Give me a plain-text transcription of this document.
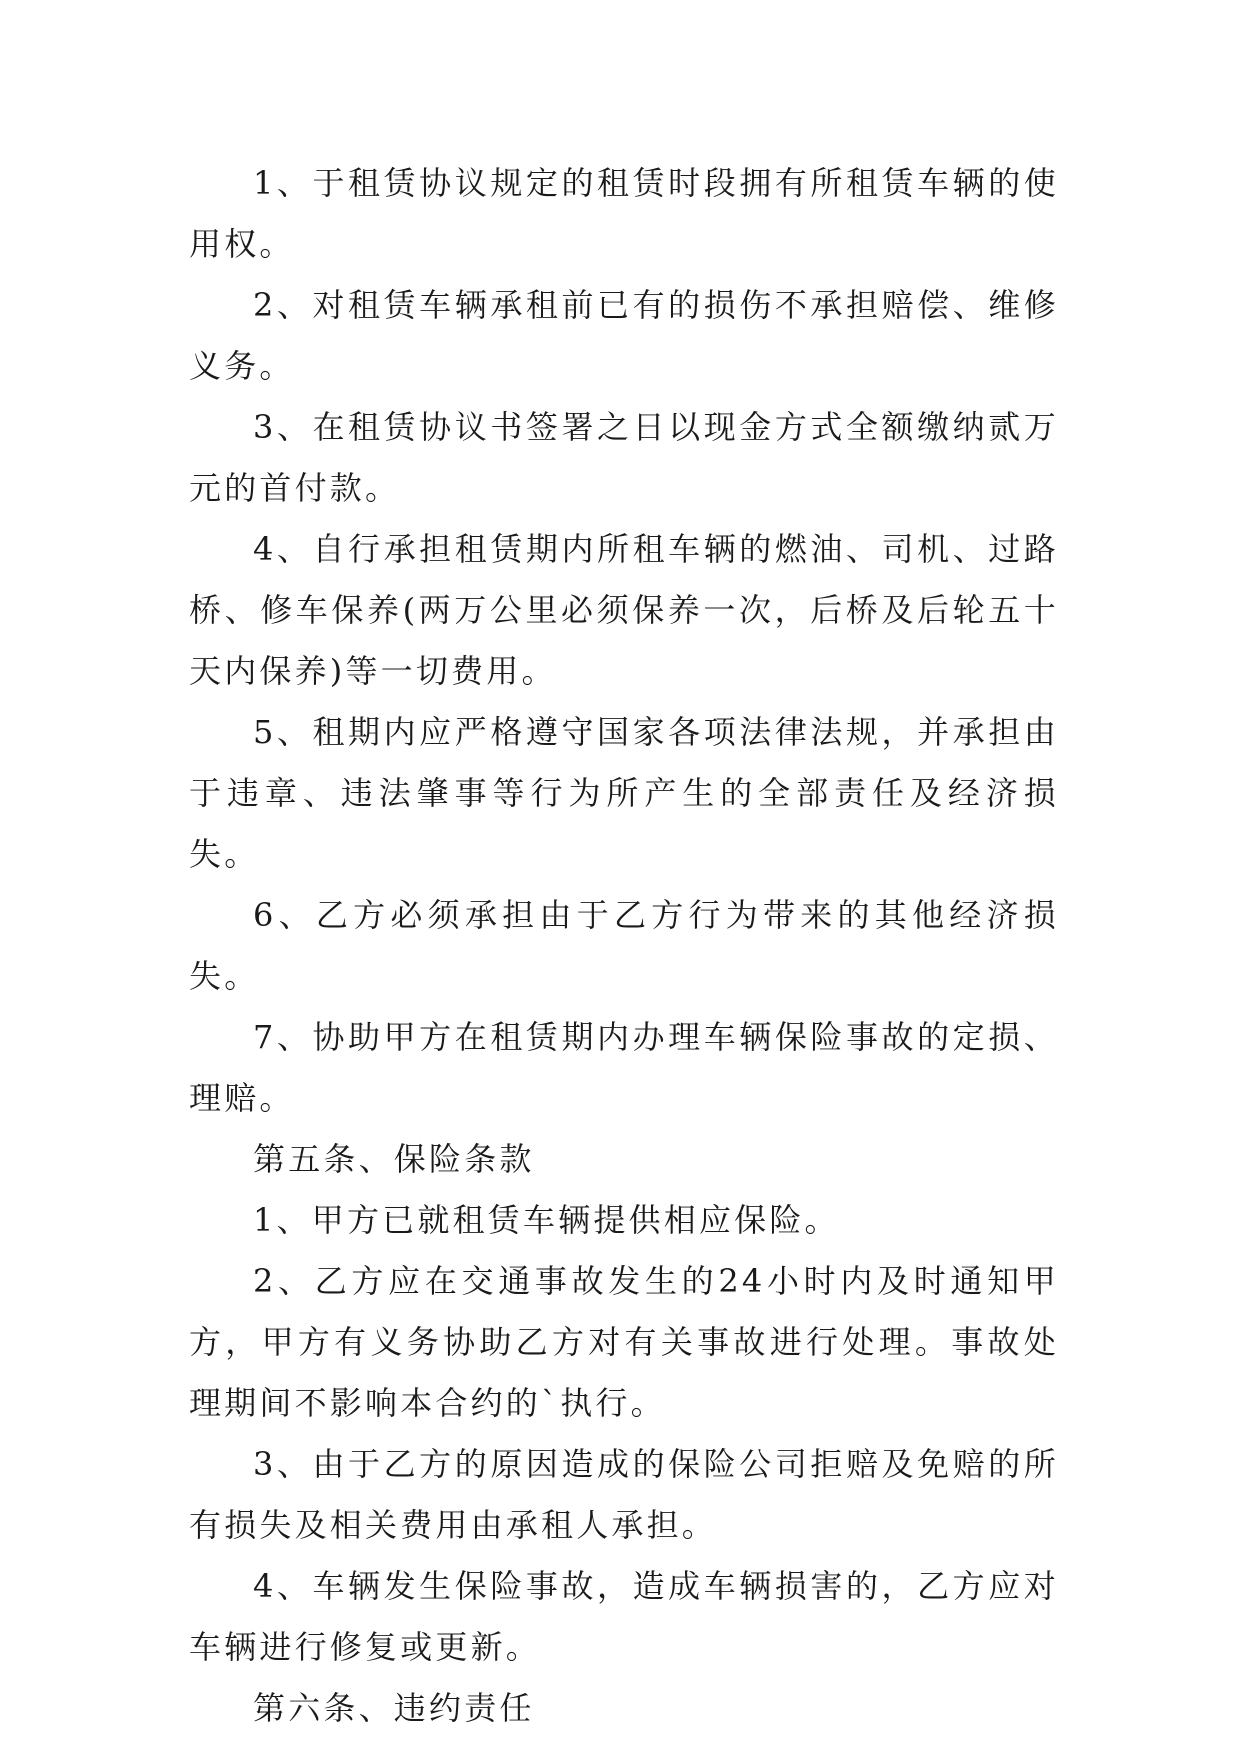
1、于租赁协议规定的租赁时段拥有所租赁车辆的使用权。

2、对租赁车辆承租前已有的损伤不承担赔偿、维修义务。

3、在租赁协议书签署之日以现金方式全额缴纳贰万元的首付款。

4、自行承担租赁期内所租车辆的燃油、司机、过路桥、修车保养(两万公里必须保养一次，后桥及后轮五十天内保养)等一切费用。

5、租期内应严格遵守国家各项法律法规，并承担由于违章、违法肇事等行为所产生的全部责任及经济损失。

6、乙方必须承担由于乙方行为带来的其他经济损失。

7、协助甲方在租赁期内办理车辆保险事故的定损、理赔。

第五条、保险条款

1、甲方已就租赁车辆提供相应保险。

2、乙方应在交通事故发生的24小时内及时通知甲方，甲方有义务协助乙方对有关事故进行处理。事故处理期间不影响本合约的`执行。

3、由于乙方的原因造成的保险公司拒赔及免赔的所有损失及相关费用由承租人承担。

4、车辆发生保险事故，造成车辆损害的，乙方应对车辆进行修复或更新。

第六条、违约责任
